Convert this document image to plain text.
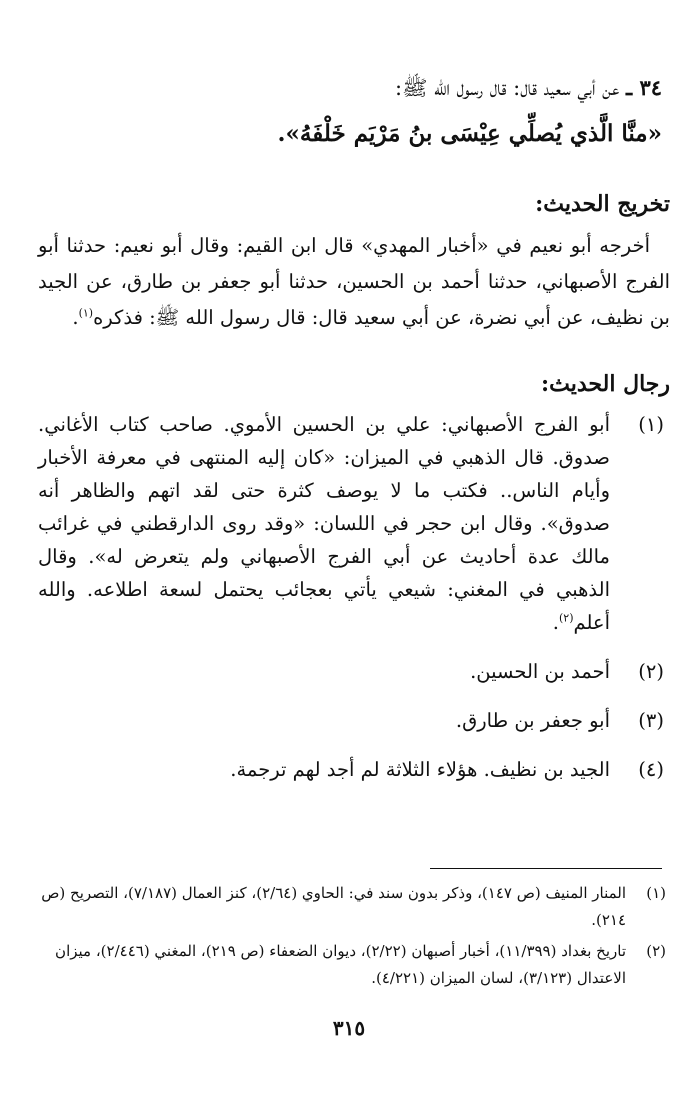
٣٤ ـ عن أبي سعيد قال: قال رسول الله ﷺ:

«منَّا الَّذي يُصلِّي عِيْسَى بنُ مَرْيَم خَلْفَهُ».

تخريج الحديث:

أخرجه أبو نعيم في «أخبار المهدي» قال ابن القيم: وقال أبو نعيم: حدثنا أبو الفرج الأصبهاني، حدثنا أحمد بن الحسين، حدثنا أبو جعفر بن طارق، عن الجيد بن نظيف، عن أبي نضرة، عن أبي سعيد قال: قال رسول الله ﷺ: فذكره$^{(١)}$.

رجال الحديث:
(١)
أبو الفرج الأصبهاني: علي بن الحسين الأموي. صاحب كتاب الأغاني. صدوق. قال الذهبي في الميزان: «كان إليه المنتهى في معرفة الأخبار وأيام الناس.. فكتب ما لا يوصف كثرة حتى لقد اتهم والظاهر أنه صدوق». وقال ابن حجر في اللسان: «وقد روى الدارقطني في غرائب مالك عدة أحاديث عن أبي الفرج الأصبهاني ولم يتعرض له». وقال الذهبي في المغني: شيعي يأتي بعجائب يحتمل لسعة اطلاعه. والله أعلم$^{(٢)}$.
(٢)
أحمد بن الحسين.
(٣)
أبو جعفر بن طارق.
(٤)
الجيد بن نظيف. هؤلاء الثلاثة لم أجد لهم ترجمة.
(١)
المنار المنيف (ص ١٤٧)، وذكر بدون سند في: الحاوي (٢/٦٤)، كنز العمال (٧/١٨٧)، التصريح (ص ٢١٤).
(٢)
تاريخ بغداد (١١/٣٩٩)، أخبار أصبهان (٢/٢٢)، ديوان الضعفاء (ص ٢١٩)، المغني (٢/٤٤٦)، ميزان الاعتدال (٣/١٢٣)، لسان الميزان (٤/٢٢١).
٣١٥
